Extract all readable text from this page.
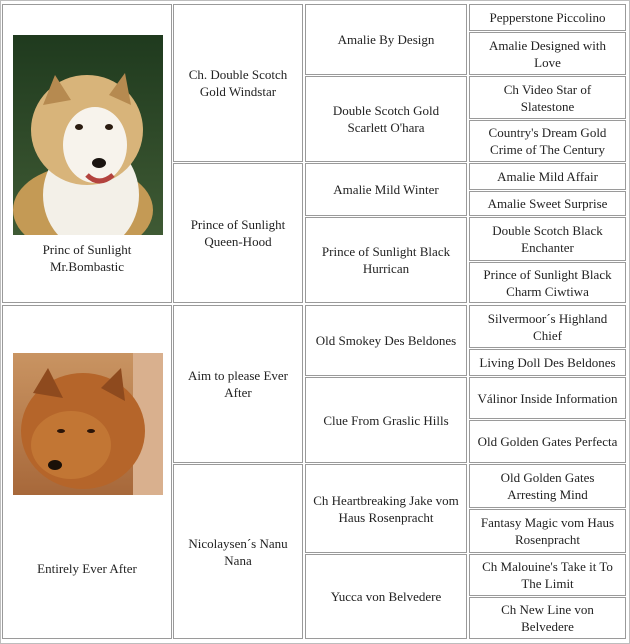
Princ of Sunlight Mr.Bombastic
Entirely Ever After
Ch. Double Scotch Gold Windstar
Prince of Sunlight Queen-Hood
Aim to please Ever After
Nicolaysen´s Nanu Nana
Amalie By Design
Double Scotch Gold Scarlett O'hara
Amalie Mild Winter
Prince of Sunlight Black Hurrican
Old Smokey Des Beldones
Clue From Graslic Hills
Ch Heartbreaking Jake vom Haus Rosenpracht
Yucca von Belvedere
Pepperstone Piccolino
Amalie Designed with Love
Ch Video Star of Slatestone
Country's Dream Gold Crime of The Century
Amalie Mild Affair
Amalie Sweet Surprise
Double Scotch Black Enchanter
Prince of Sunlight Black Charm Ciwtiwa
Silvermoor´s Highland Chief
Living Doll Des Beldones
Válinor Inside Information
Old Golden Gates Perfecta
Old Golden Gates Arresting Mind
Fantasy Magic vom Haus Rosenpracht
Ch Malouine's Take it To The Limit
Ch New Line von Belvedere
